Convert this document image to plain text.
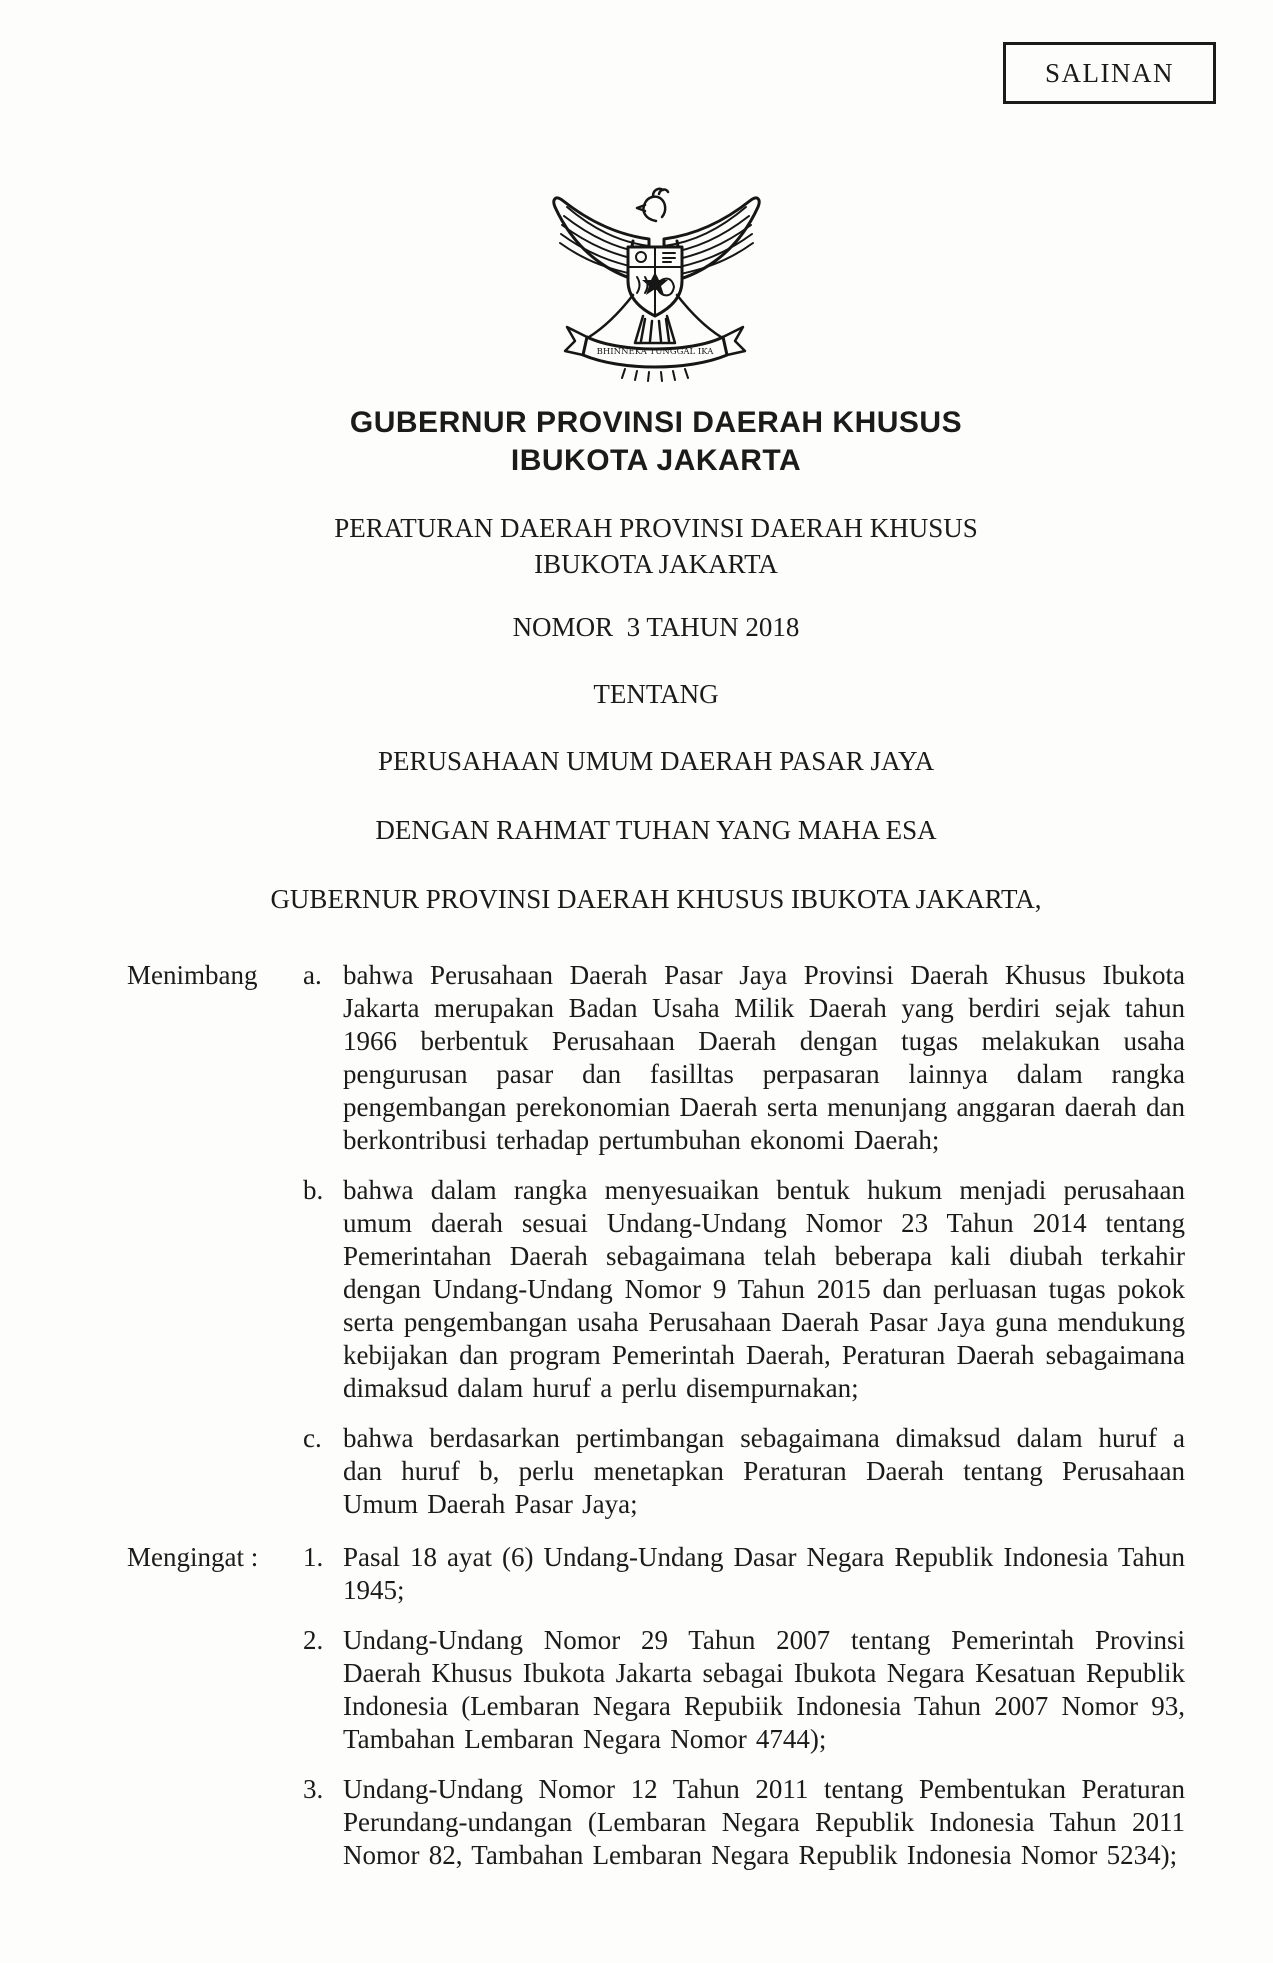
SALINAN
BHINNEKA TUNGGAL IKA
GUBERNUR PROVINSI DAERAH KHUSUS
IBUKOTA JAKARTA
PERATURAN DAERAH PROVINSI DAERAH KHUSUS
IBUKOTA JAKARTA
NOMOR  3 TAHUN 2018
TENTANG
PERUSAHAAN UMUM DAERAH PASAR JAYA
DENGAN RAHMAT TUHAN YANG MAHA ESA
GUBERNUR PROVINSI DAERAH KHUSUS IBUKOTA JAKARTA,
Menimbang	a. bahwa Perusahaan Daerah Pasar Jaya Provinsi Daerah Khusus Ibukota Jakarta merupakan Badan Usaha Milik Daerah yang berdiri sejak tahun 1966 berbentuk Perusahaan Daerah dengan tugas melakukan usaha pengurusan pasar dan fasilltas perpasaran lainnya dalam rangka pengembangan perekonomian Daerah serta menunjang anggaran daerah dan berkontribusi terhadap pertumbuhan ekonomi Daerah;

b. bahwa dalam rangka menyesuaikan bentuk hukum menjadi perusahaan umum daerah sesuai Undang-Undang Nomor 23 Tahun 2014 tentang Pemerintahan Daerah sebagaimana telah beberapa kali diubah terkahir dengan Undang-Undang Nomor 9 Tahun 2015 dan perluasan tugas pokok serta pengembangan usaha Perusahaan Daerah Pasar Jaya guna mendukung kebijakan dan program Pemerintah Daerah, Peraturan Daerah sebagaimana dimaksud dalam huruf a perlu disempurnakan;

c. bahwa berdasarkan pertimbangan sebagaimana dimaksud dalam huruf a dan huruf b, perlu menetapkan Peraturan Daerah tentang Perusahaan Umum Daerah Pasar Jaya;

Mengingat :	1. Pasal 18 ayat (6) Undang-Undang Dasar Negara Republik Indonesia Tahun 1945;

2. Undang-Undang Nomor 29 Tahun 2007 tentang Pemerintah Provinsi Daerah Khusus Ibukota Jakarta sebagai Ibukota Negara Kesatuan Republik Indonesia (Lembaran Negara Repubiik Indonesia Tahun 2007 Nomor 93, Tambahan Lembaran Negara Nomor 4744);

3. Undang-Undang Nomor 12 Tahun 2011 tentang Pembentukan Peraturan Perundang-undangan (Lembaran Negara Republik Indonesia Tahun 2011 Nomor 82, Tambahan Lembaran Negara Republik Indonesia Nomor 5234);
